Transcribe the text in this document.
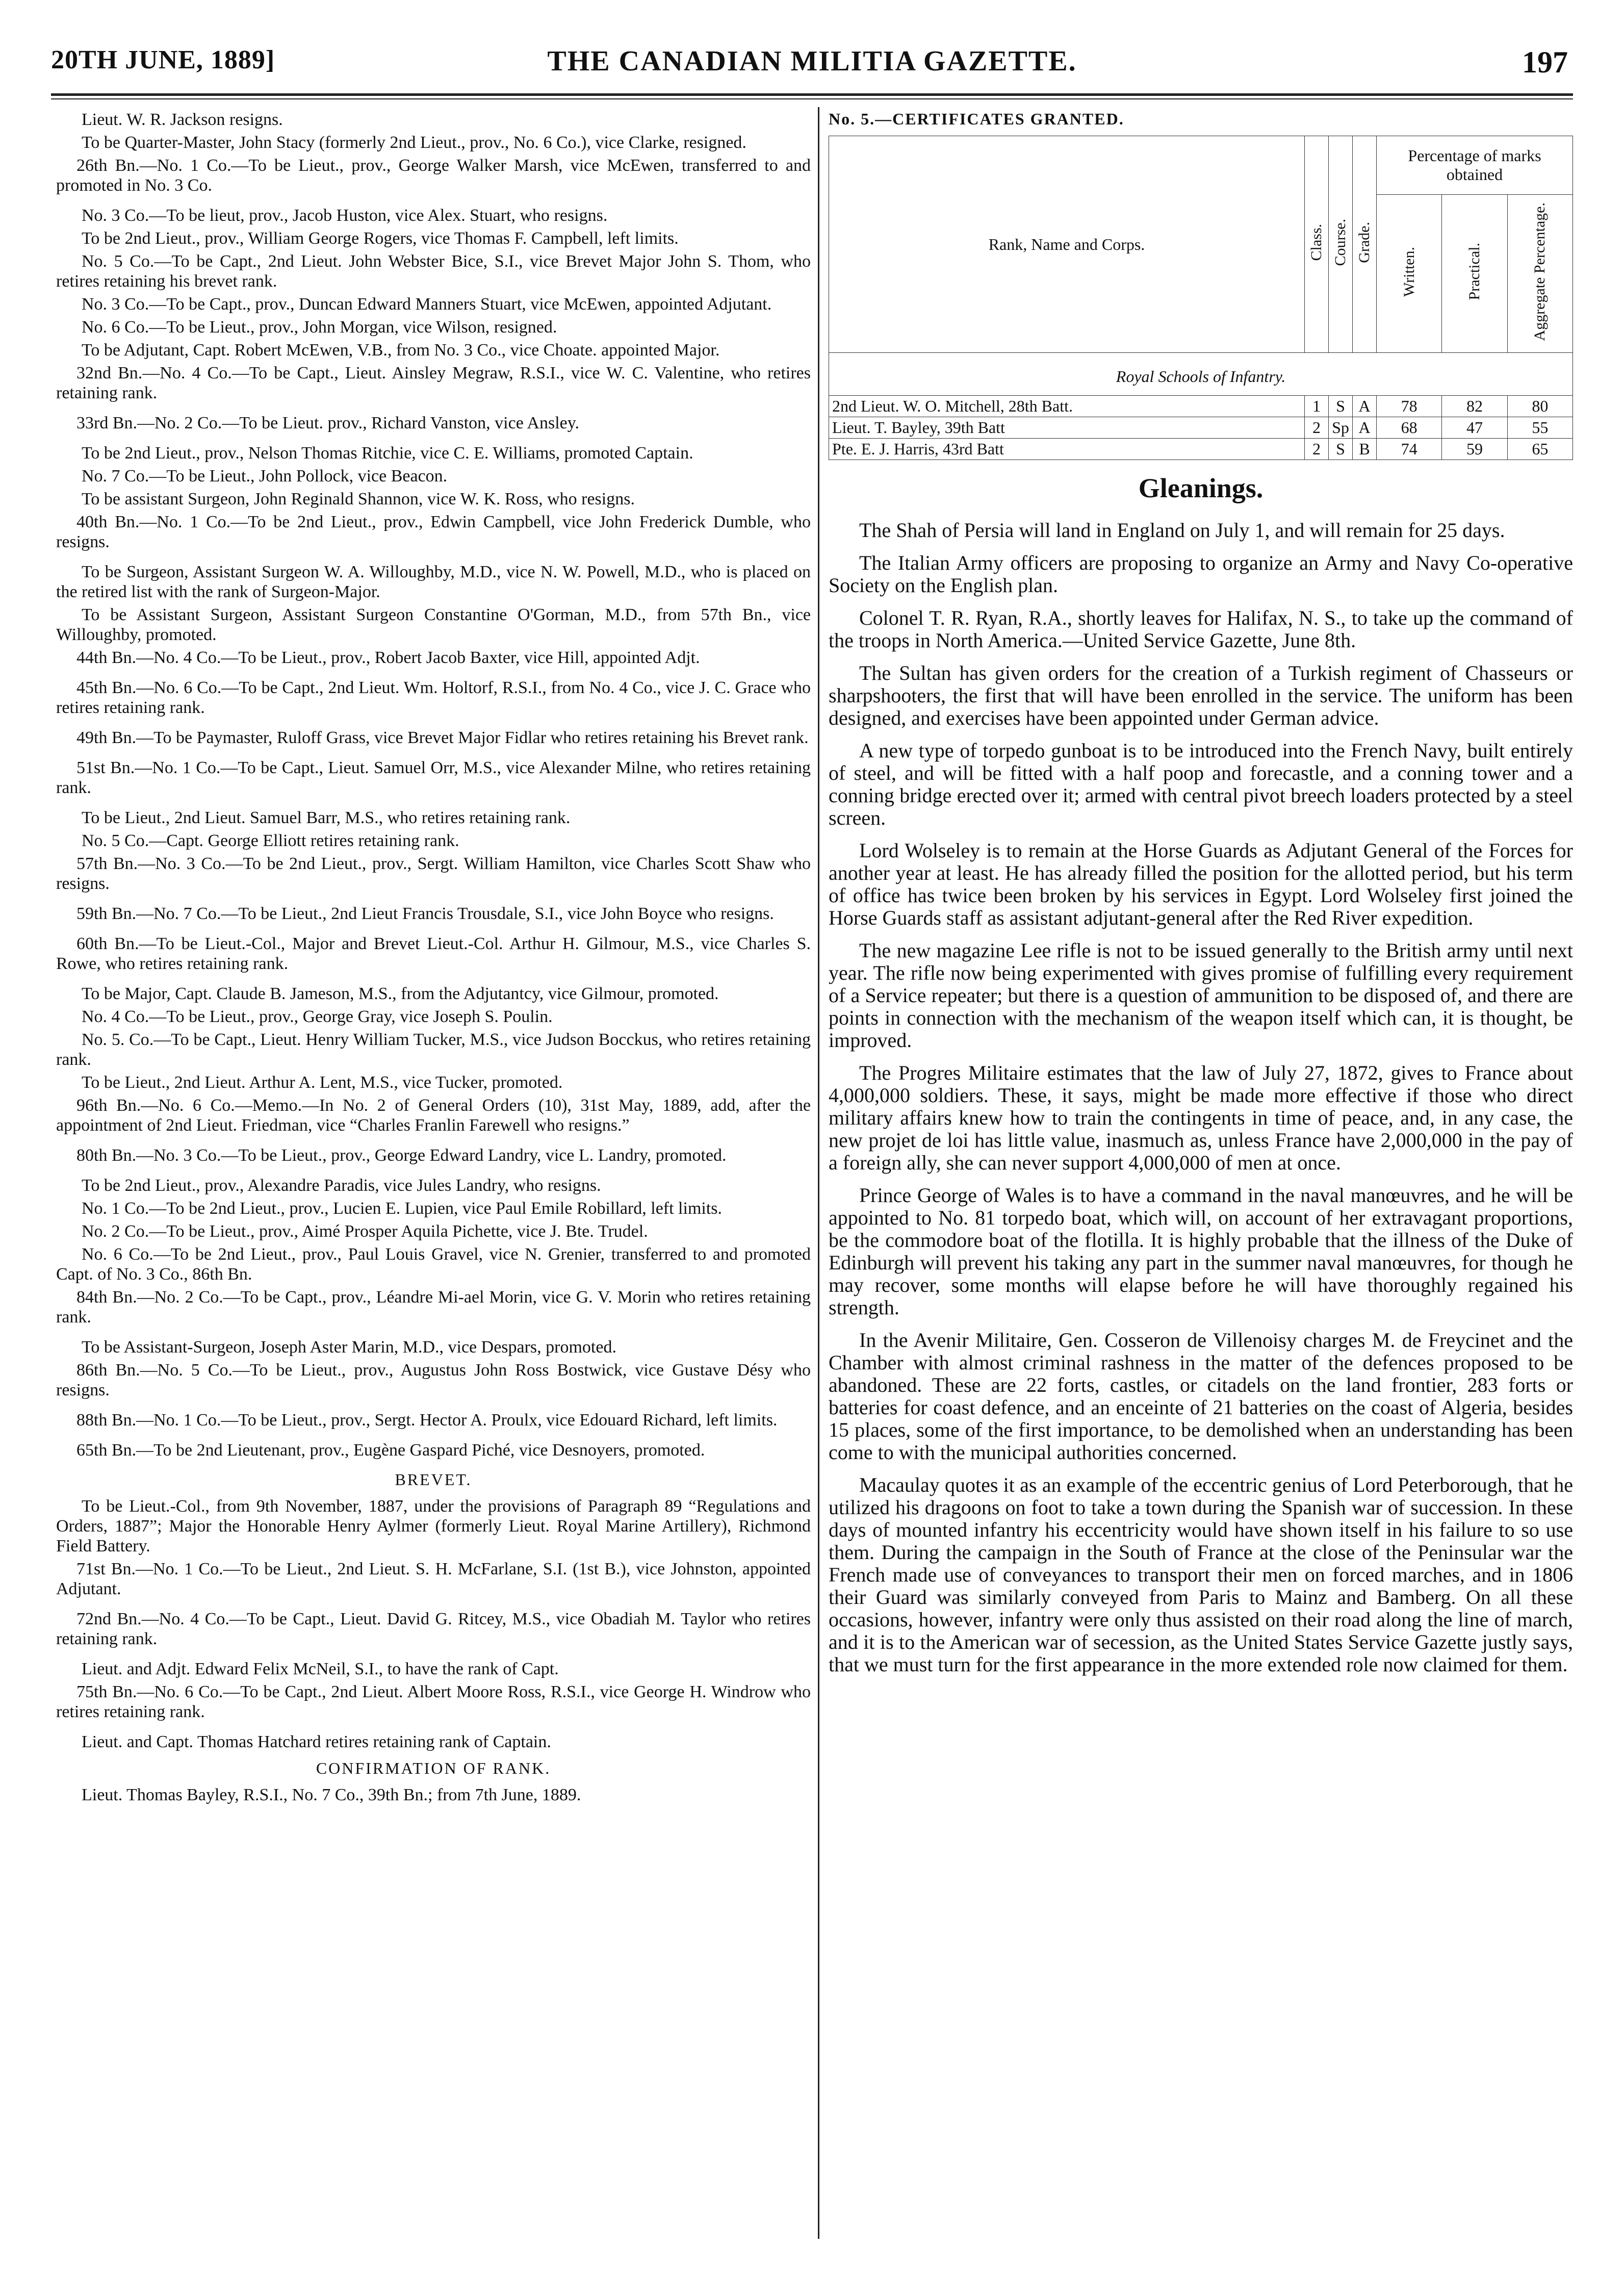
20TH JUNE, 1889]	THE CANADIAN MILITIA GAZETTE.	197

Lieut. W. R. Jackson resigns.

To be Quarter-Master, John Stacy (formerly 2nd Lieut., prov., No. 6 Co.), vice Clarke, resigned.

26th Bn.—No. 1 Co.—To be Lieut., prov., George Walker Marsh, vice McEwen, transferred to and promoted in No. 3 Co.

No. 3 Co.—To be lieut, prov., Jacob Huston, vice Alex. Stuart, who resigns.

To be 2nd Lieut., prov., William George Rogers, vice Thomas F. Campbell, left limits.

No. 5 Co.—To be Capt., 2nd Lieut. John Webster Bice, S.I., vice Brevet Major John S. Thom, who retires retaining his brevet rank.

No. 3 Co.—To be Capt., prov., Duncan Edward Manners Stuart, vice McEwen, appointed Adjutant.

No. 6 Co.—To be Lieut., prov., John Morgan, vice Wilson, resigned.

To be Adjutant, Capt. Robert McEwen, V.B., from No. 3 Co., vice Choate. appointed Major.

32nd Bn.—No. 4 Co.—To be Capt., Lieut. Ainsley Megraw, R.S.I., vice W. C. Valentine, who retires retaining rank.

33rd Bn.—No. 2 Co.—To be Lieut. prov., Richard Vanston, vice Ansley.

To be 2nd Lieut., prov., Nelson Thomas Ritchie, vice C. E. Williams, promoted Captain.

No. 7 Co.—To be Lieut., John Pollock, vice Beacon.

To be assistant Surgeon, John Reginald Shannon, vice W. K. Ross, who resigns.

40th Bn.—No. 1 Co.—To be 2nd Lieut., prov., Edwin Campbell, vice John Frederick Dumble, who resigns.

To be Surgeon, Assistant Surgeon W. A. Willoughby, M.D., vice N. W. Powell, M.D., who is placed on the retired list with the rank of Surgeon-Major.

To be Assistant Surgeon, Assistant Surgeon Constantine O'Gorman, M.D., from 57th Bn., vice Willoughby, promoted.

44th Bn.—No. 4 Co.—To be Lieut., prov., Robert Jacob Baxter, vice Hill, appointed Adjt.

45th Bn.—No. 6 Co.—To be Capt., 2nd Lieut. Wm. Holtorf, R.S.I., from No. 4 Co., vice J. C. Grace who retires retaining rank.

49th Bn.—To be Paymaster, Ruloff Grass, vice Brevet Major Fidlar who retires retaining his Brevet rank.

51st Bn.—No. 1 Co.—To be Capt., Lieut. Samuel Orr, M.S., vice Alexander Milne, who retires retaining rank.

To be Lieut., 2nd Lieut. Samuel Barr, M.S., who retires retaining rank.

No. 5 Co.—Capt. George Elliott retires retaining rank.

57th Bn.—No. 3 Co.—To be 2nd Lieut., prov., Sergt. William Hamilton, vice Charles Scott Shaw who resigns.

59th Bn.—No. 7 Co.—To be Lieut., 2nd Lieut Francis Trousdale, S.I., vice John Boyce who resigns.

60th Bn.—To be Lieut.-Col., Major and Brevet Lieut.-Col. Arthur H. Gilmour, M.S., vice Charles S. Rowe, who retires retaining rank.

To be Major, Capt. Claude B. Jameson, M.S., from the Adjutantcy, vice Gilmour, promoted.

No. 4 Co.—To be Lieut., prov., George Gray, vice Joseph S. Poulin.

No. 5. Co.—To be Capt., Lieut. Henry William Tucker, M.S., vice Judson Bocckus, who retires retaining rank.

To be Lieut., 2nd Lieut. Arthur A. Lent, M.S., vice Tucker, promoted.

96th Bn.—No. 6 Co.—Memo.—In No. 2 of General Orders (10), 31st May, 1889, add, after the appointment of 2nd Lieut. Friedman, vice “Charles Franlin Farewell who resigns.”

80th Bn.—No. 3 Co.—To be Lieut., prov., George Edward Landry, vice L. Landry, promoted.

To be 2nd Lieut., prov., Alexandre Paradis, vice Jules Landry, who resigns.

No. 1 Co.—To be 2nd Lieut., prov., Lucien E. Lupien, vice Paul Emile Robillard, left limits.

No. 2 Co.—To be Lieut., prov., Aimé Prosper Aquila Pichette, vice J. Bte. Trudel.

No. 6 Co.—To be 2nd Lieut., prov., Paul Louis Gravel, vice N. Grenier, transferred to and promoted Capt. of No. 3 Co., 86th Bn.

84th Bn.—No. 2 Co.—To be Capt., prov., Léandre Mi-ael Morin, vice G. V. Morin who retires retaining rank.

To be Assistant-Surgeon, Joseph Aster Marin, M.D., vice Despars, promoted.

86th Bn.—No. 5 Co.—To be Lieut., prov., Augustus John Ross Bostwick, vice Gustave Désy who resigns.

88th Bn.—No. 1 Co.—To be Lieut., prov., Sergt. Hector A. Proulx, vice Edouard Richard, left limits.

65th Bn.—To be 2nd Lieutenant, prov., Eugène Gaspard Piché, vice Desnoyers, promoted.

BREVET.

To be Lieut.-Col., from 9th November, 1887, under the provisions of Paragraph 89 “Regulations and Orders, 1887”; Major the Honorable Henry Aylmer (formerly Lieut. Royal Marine Artillery), Richmond Field Battery.

71st Bn.—No. 1 Co.—To be Lieut., 2nd Lieut. S. H. McFarlane, S.I. (1st B.), vice Johnston, appointed Adjutant.

72nd Bn.—No. 4 Co.—To be Capt., Lieut. David G. Ritcey, M.S., vice Obadiah M. Taylor who retires retaining rank.

Lieut. and Adjt. Edward Felix McNeil, S.I., to have the rank of Capt.

75th Bn.—No. 6 Co.—To be Capt., 2nd Lieut. Albert Moore Ross, R.S.I., vice George H. Windrow who retires retaining rank.

Lieut. and Capt. Thomas Hatchard retires retaining rank of Captain.

CONFIRMATION OF RANK.

Lieut. Thomas Bayley, R.S.I., No. 7 Co., 39th Bn.; from 7th June, 1889.

No. 5.—CERTIFICATES GRANTED.
Rank, Name and Corps.	Class.	Course.	Grade.	Percentage of marks obtained		
				Written.	Practical.	Aggregate Percentage.
Royal Schools of Infantry.						
2nd Lieut. W. O. Mitchell, 28th Batt.	1	S	A	78	82	80
Lieut. T. Bayley, 39th Batt	2	Sp	A	68	47	55
Pte. E. J. Harris, 43rd Batt	2	S	B	74	59	65
Gleanings.

The Shah of Persia will land in England on July 1, and will remain for 25 days.

The Italian Army officers are proposing to organize an Army and Navy Co-operative Society on the English plan.

Colonel T. R. Ryan, R.A., shortly leaves for Halifax, N. S., to take up the command of the troops in North America.—United Service Gazette, June 8th.

The Sultan has given orders for the creation of a Turkish regiment of Chasseurs or sharpshooters, the first that will have been enrolled in the service. The uniform has been designed, and exercises have been appointed under German advice.

A new type of torpedo gunboat is to be introduced into the French Navy, built entirely of steel, and will be fitted with a half poop and forecastle, and a conning tower and a conning bridge erected over it; armed with central pivot breech loaders protected by a steel screen.

Lord Wolseley is to remain at the Horse Guards as Adjutant General of the Forces for another year at least. He has already filled the position for the allotted period, but his term of office has twice been broken by his services in Egypt. Lord Wolseley first joined the Horse Guards staff as assistant adjutant-general after the Red River expedition.

The new magazine Lee rifle is not to be issued generally to the British army until next year. The rifle now being experimented with gives promise of fulfilling every requirement of a Service repeater; but there is a question of ammunition to be disposed of, and there are points in connection with the mechanism of the weapon itself which can, it is thought, be improved.

The Progres Militaire estimates that the law of July 27, 1872, gives to France about 4,000,000 soldiers. These, it says, might be made more effective if those who direct military affairs knew how to train the contingents in time of peace, and, in any case, the new projet de loi has little value, inasmuch as, unless France have 2,000,000 in the pay of a foreign ally, she can never support 4,000,000 of men at once.

Prince George of Wales is to have a command in the naval manœuvres, and he will be appointed to No. 81 torpedo boat, which will, on account of her extravagant proportions, be the commodore boat of the flotilla. It is highly probable that the illness of the Duke of Edinburgh will prevent his taking any part in the summer naval manœuvres, for though he may recover, some months will elapse before he will have thoroughly regained his strength.

In the Avenir Militaire, Gen. Cosseron de Villenoisy charges M. de Freycinet and the Chamber with almost criminal rashness in the matter of the defences proposed to be abandoned. These are 22 forts, castles, or citadels on the land frontier, 283 forts or batteries for coast defence, and an enceinte of 21 batteries on the coast of Algeria, besides 15 places, some of the first importance, to be demolished when an understanding has been come to with the municipal authorities concerned.

Macaulay quotes it as an example of the eccentric genius of Lord Peterborough, that he utilized his dragoons on foot to take a town during the Spanish war of succession. In these days of mounted infantry his eccentricity would have shown itself in his failure to so use them. During the campaign in the South of France at the close of the Peninsular war the French made use of conveyances to transport their men on forced marches, and in 1806 their Guard was similarly conveyed from Paris to Mainz and Bamberg. On all these occasions, however, infantry were only thus assisted on their road along the line of march, and it is to the American war of secession, as the United States Service Gazette justly says, that we must turn for the first appearance in the more extended role now claimed for them.
